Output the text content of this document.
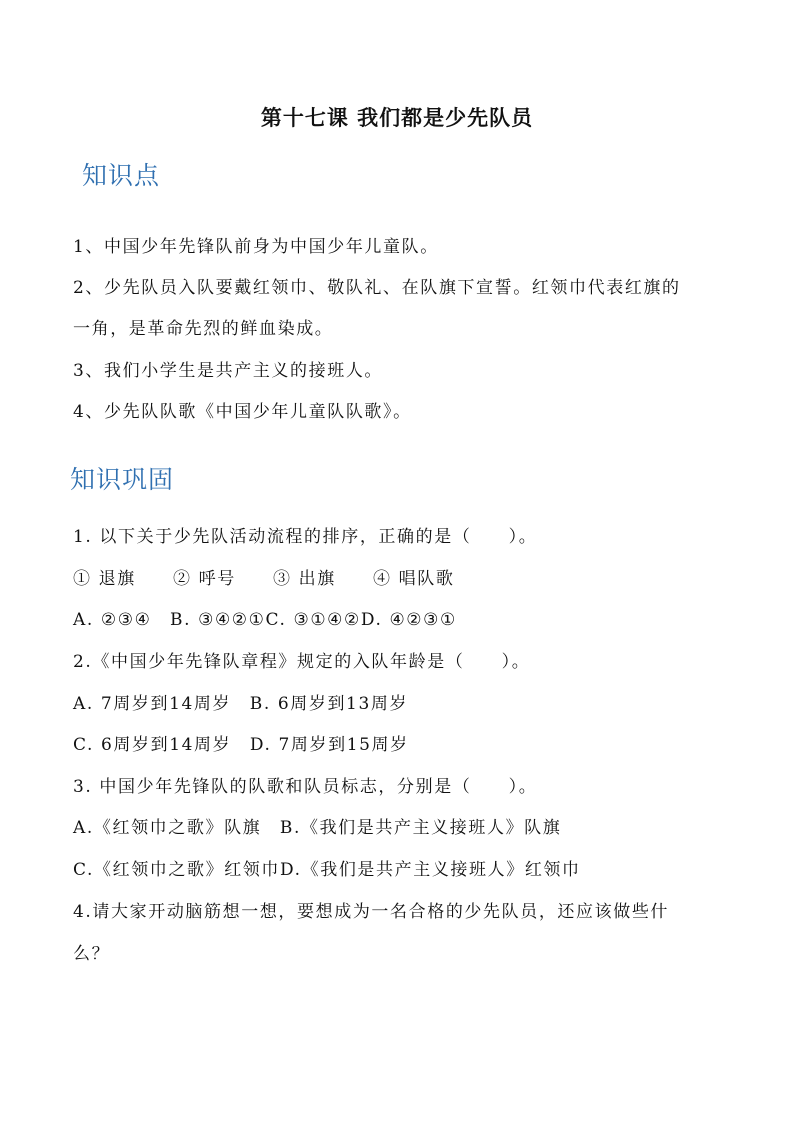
第十七课 我们都是少先队员
知识点
1、中国少年先锋队前身为中国少年儿童队。
2、少先队员入队要戴红领巾、敬队礼、在队旗下宣誓。红领巾代表红旗的
一角，是革命先烈的鲜血染成。
3、我们小学生是共产主义的接班人。
4、少先队队歌《中国少年儿童队队歌》。
知识巩固
1. 以下关于少先队活动流程的排序，正确的是（　　）。
① 退旗　　② 呼号　　③ 出旗　　④ 唱队歌
A. ②③④　B. ③④②①C. ③①④②D. ④②③①
2.《中国少年先锋队章程》规定的入队年龄是（　　）。
A. 7周岁到14周岁　B. 6周岁到13周岁
C. 6周岁到14周岁　D. 7周岁到15周岁
3. 中国少年先锋队的队歌和队员标志，分别是（　　）。
A.《红领巾之歌》队旗　B.《我们是共产主义接班人》队旗
C.《红领巾之歌》红领巾D.《我们是共产主义接班人》红领巾
4.请大家开动脑筋想一想，要想成为一名合格的少先队员，还应该做些什
么？
